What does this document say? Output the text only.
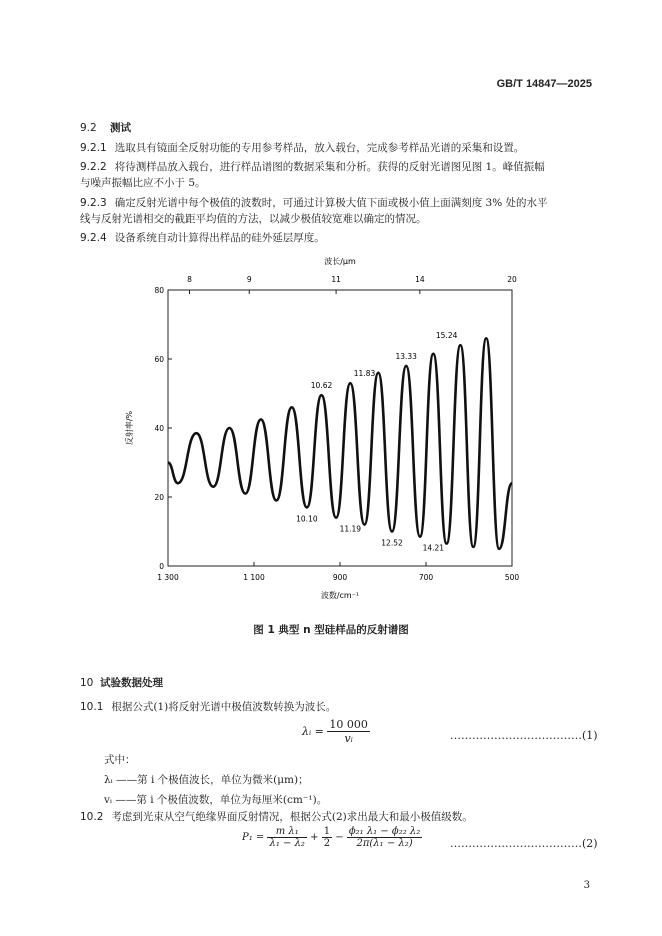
GB/T 14847—2025
9.2 测试
9.2.1 选取具有镜面全反射功能的专用参考样品，放入载台，完成参考样品光谱的采集和设置。
9.2.2 将待测样品放入载台，进行样品谱图的数据采集和分析。获得的反射光谱图见图 1。峰值振幅
与噪声振幅比应不小于 5。
9.2.3 确定反射光谱中每个极值的波数时，可通过计算极大值下面或极小值上面满刻度 3% 处的水平
线与反射光谱相交的截距平均值的方法，以减少极值较宽难以确定的情况。
9.2.4 设备系统自动计算得出样品的硅外延层厚度。
波长/μm
反射率/%
波数/cm⁻¹
0
20
40
60
80
1 300	1 100	900	700	500
8	9	11	14	20
10.62
11.83
13.33
15.24
10.10
11.19
12.52
14.21
图 1 典型 n 型硅样品的反射谱图
10 试验数据处理
10.1 根据公式(1)将反射光谱中极值波数转换为波长。
λᵢ = $\frac{10 000}{\text{vᵢ}}$	………………………………(1)
式中：
λᵢ ——第 i 个极值波长，单位为微米(μm)；
vᵢ ——第 i 个极值波数，单位为每厘米(cm⁻¹)。
10.2 考虑到光束从空气绝缘界面反射情况，根据公式(2)求出最大和最小极值级数。
$P_1 = \frac{\text{m λ₁}}{\text{λ₁ − λ₂}} + \frac{1}{2} - \frac{\text{ϕ₂₁ λ₁ − ϕ₂₂ λ₂}}{\text{2π(λ₁ − λ₂)}}$	………………………………(2)
3
